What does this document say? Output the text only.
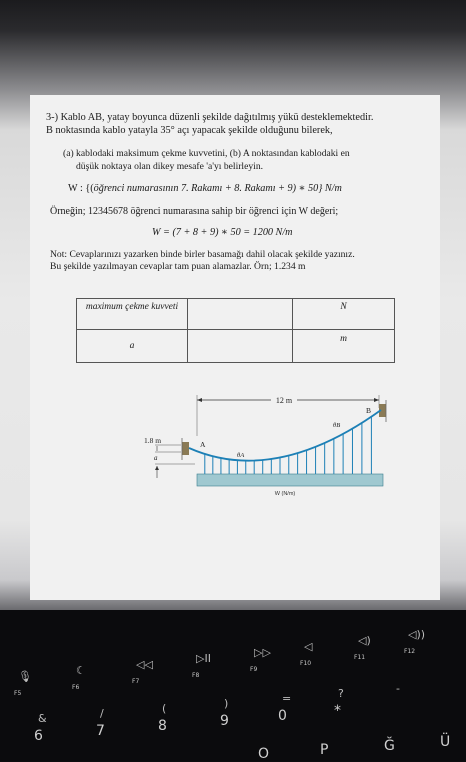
3-) Kablo AB, yatay boyunca düzenli şekilde dağıtılmış yükü desteklemektedir.
B noktasında kablo yatayla 35° açı yapacak şekilde olduğunu bilerek,
(a) kablodaki maksimum çekme kuvvetini, (b) A noktasından kablodaki en
düşük noktaya olan dikey mesafe 'a'yı belirleyin.
W : {(öğrenci numarasının 7. Rakamı + 8. Rakamı + 9) ∗ 50} N/m
Örneğin; 12345678 öğrenci numarasına sahip bir öğrenci için W değeri;
W = (7 + 8 + 9) ∗ 50 = 1200 N/m
Not: Cevaplarınızı yazarken binde birler basamağı dahil olacak şekilde yazınız.
Bu şekilde yazılmayan cevaplar tam puan alamazlar. Örn; 1.234 m
maximum çekme kuvveti		N
a		m
12 m
B
θB
A
θA
1.8 m
a
W (N/m)
F5
🎙
F6
☾
F7
◁◁
F8
▷II
F9
▷▷
F10
◁
F11
◁)
F12
◁))
&
6
/
7
(
8
)
9
=
0
?
*
-
O	P	Ğ	Ü
